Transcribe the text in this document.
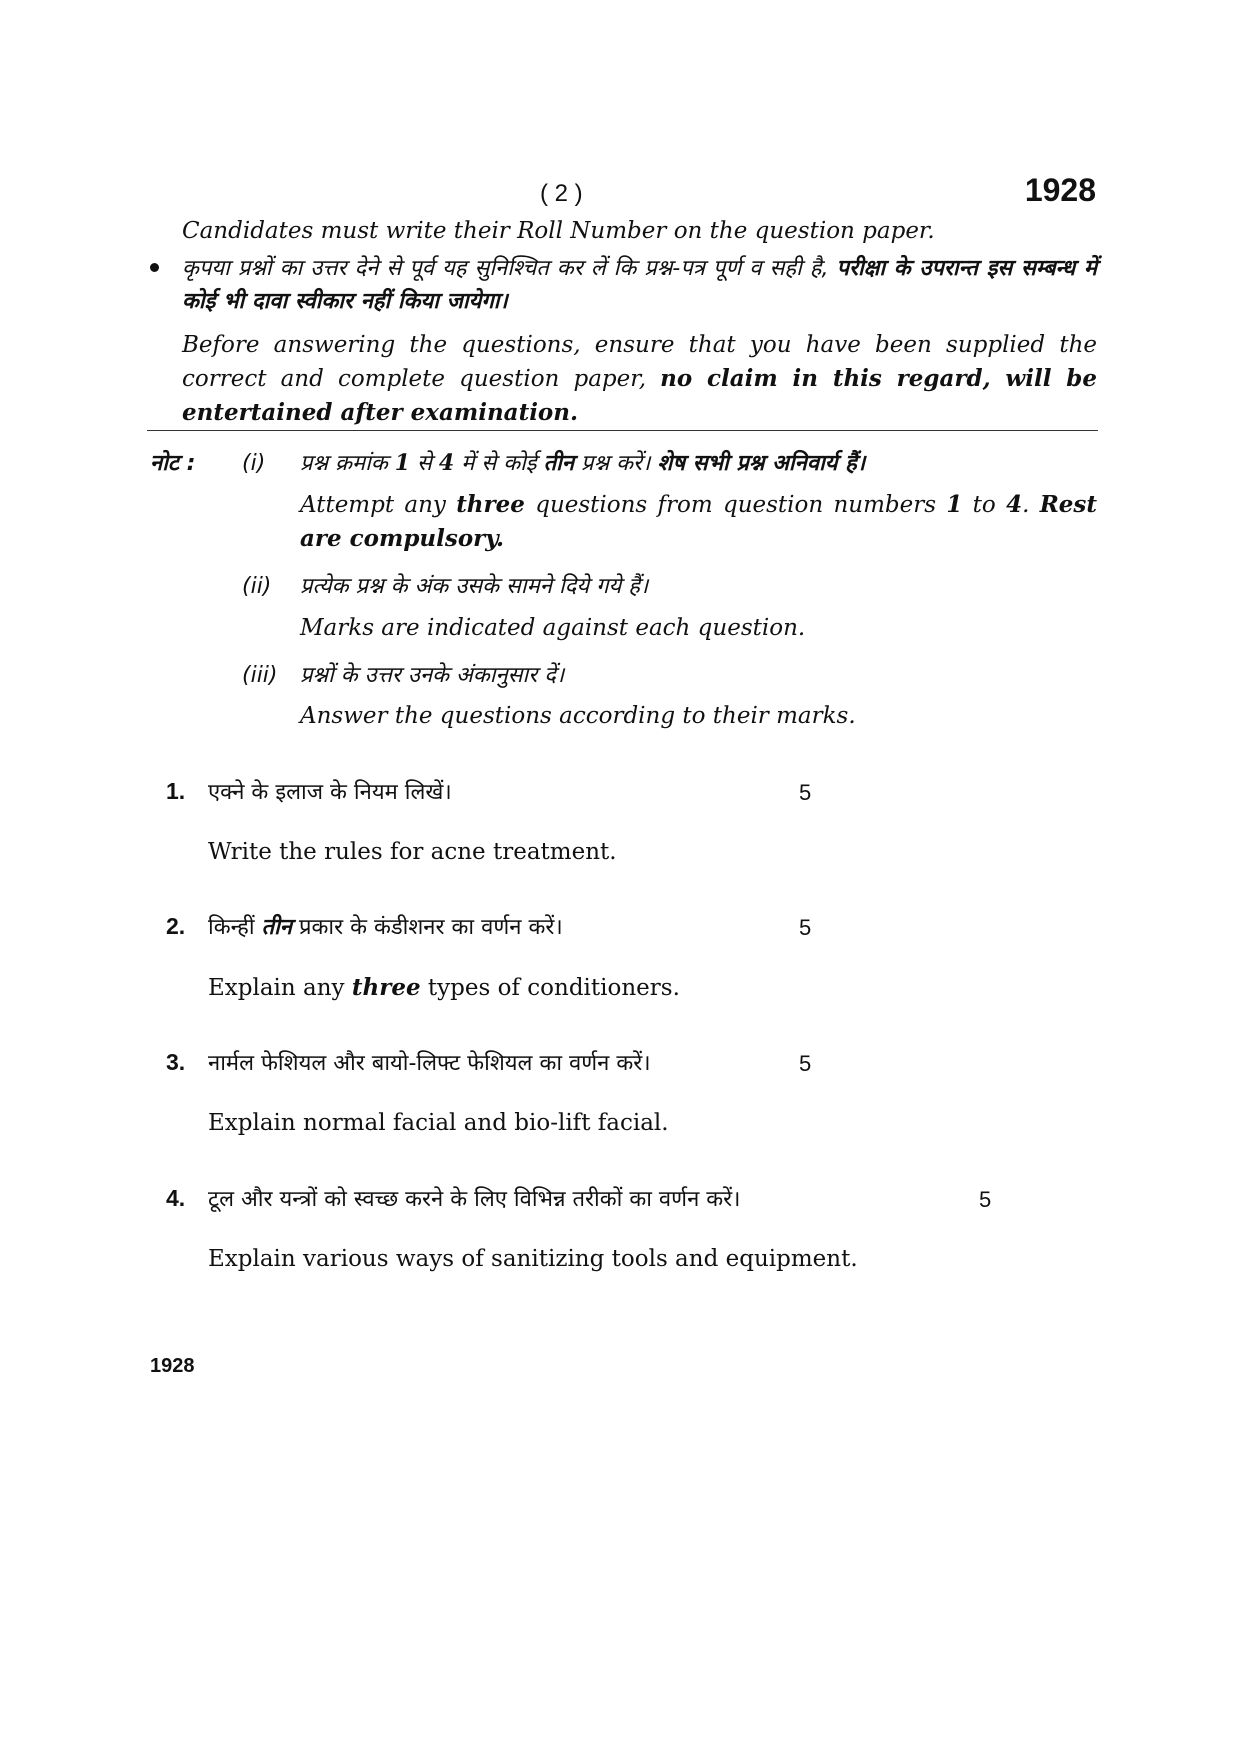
( 2 )	1928
Candidates must write their Roll Number on the question paper.
कृपया प्रश्नों का उत्तर देने से पूर्व यह सुनिश्चित कर लें कि प्रश्न-पत्र पूर्ण व सही है, परीक्षा के उपरान्त इस सम्बन्ध में कोई भी दावा स्वीकार नहीं किया जायेगा।
Before answering the questions, ensure that you have been supplied the correct and complete question paper, no claim in this regard, will be entertained after examination.
नोट : (i)	प्रश्न क्रमांक 1 से 4 में से कोई तीन प्रश्न करें। शेष सभी प्रश्न अनिवार्य हैं।
Attempt any three questions from question numbers 1 to 4. Rest are compulsory.
(ii)	प्रत्येक प्रश्न के अंक उसके सामने दिये गये हैं।
Marks are indicated against each question.
(iii)	प्रश्नों के उत्तर उनके अंकानुसार दें।
Answer the questions according to their marks.
1. एक्ने के इलाज के नियम लिखें।	5
Write the rules for acne treatment.
2. किन्हीं तीन प्रकार के कंडीशनर का वर्णन करें।	5
Explain any three types of conditioners.
3. नार्मल फेशियल और बायो-लिफ्ट फेशियल का वर्णन करें।	5
Explain normal facial and bio-lift facial.
4. टूल और यन्त्रों को स्वच्छ करने के लिए विभिन्न तरीकों का वर्णन करें।	5
Explain various ways of sanitizing tools and equipment.
1928
